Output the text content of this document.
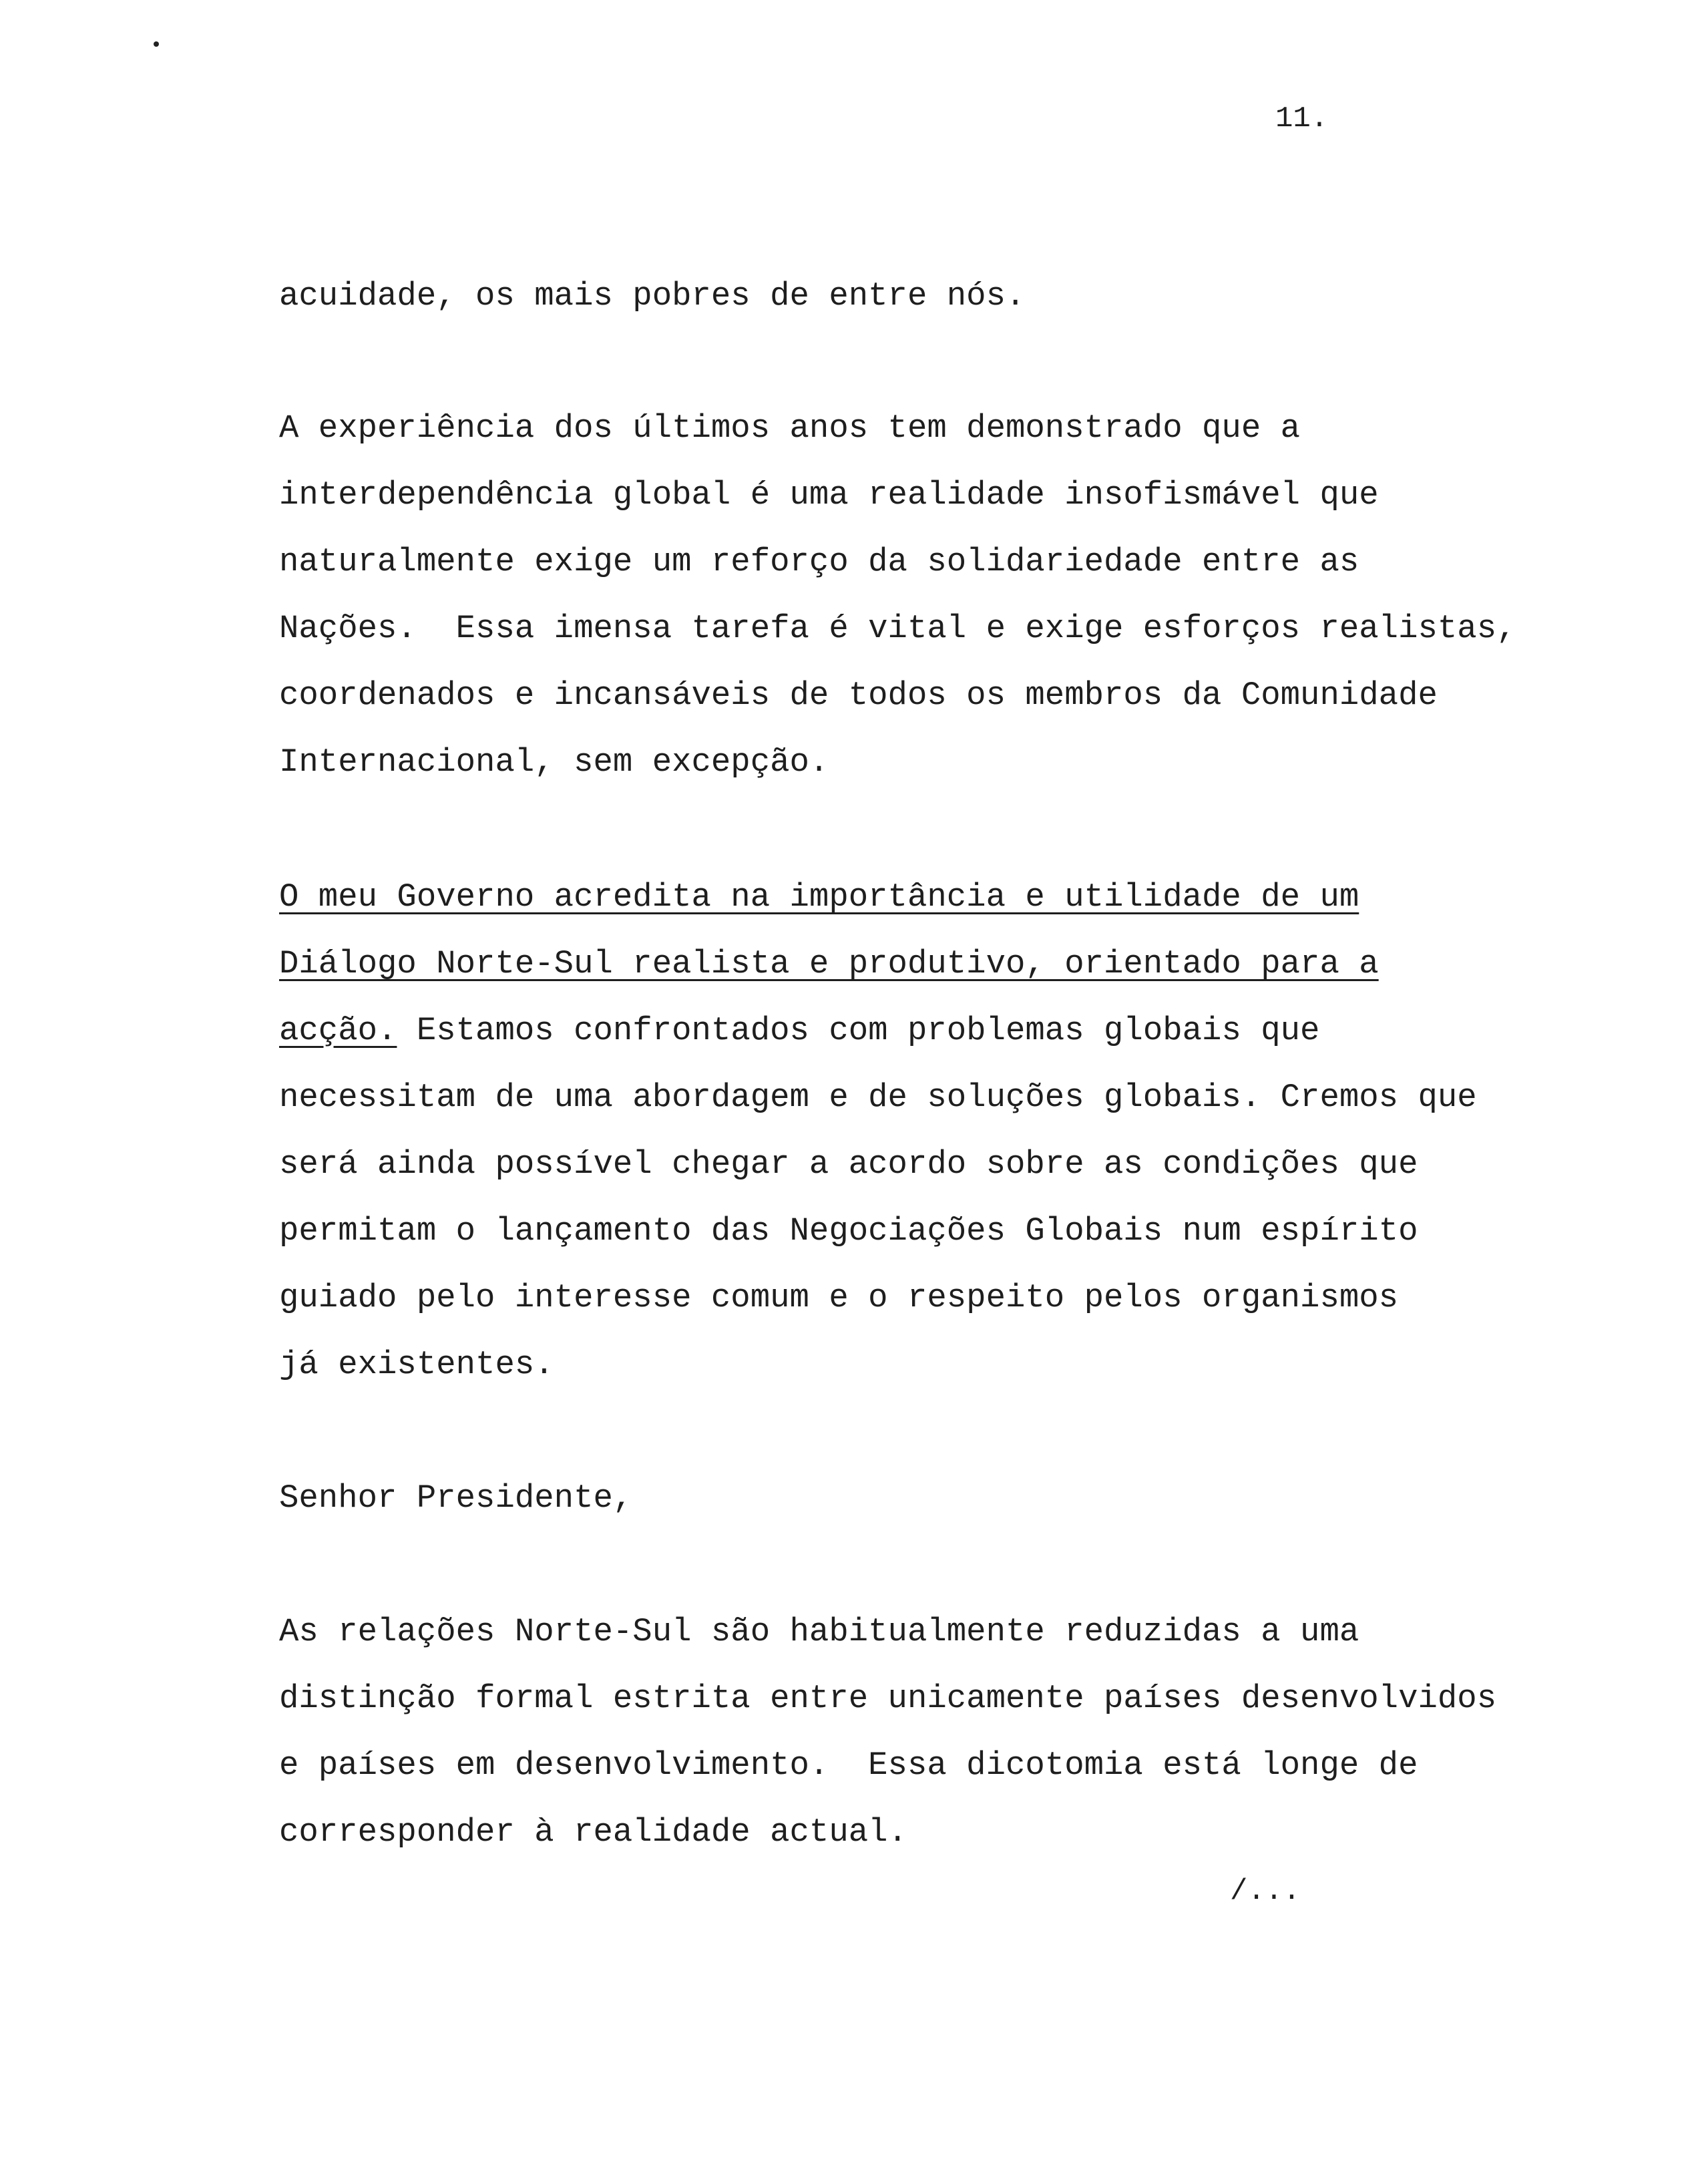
11.
acuidade, os mais pobres de entre nós.
A experiência dos últimos anos tem demonstrado que a
interdependência global é uma realidade insofismável que
naturalmente exige um reforço da solidariedade entre as
Nações.  Essa imensa tarefa é vital e exige esforços realistas,
coordenados e incansáveis de todos os membros da Comunidade
Internacional, sem excepção.
O meu Governo acredita na importância e utilidade de um
Diálogo Norte-Sul realista e produtivo, orientado para a
acção. Estamos confrontados com problemas globais que
necessitam de uma abordagem e de soluções globais. Cremos que
será ainda possível chegar a acordo sobre as condições que
permitam o lançamento das Negociações Globais num espírito
guiado pelo interesse comum e o respeito pelos organismos
já existentes.
Senhor Presidente,
As relações Norte-Sul são habitualmente reduzidas a uma
distinção formal estrita entre unicamente países desenvolvidos
e países em desenvolvimento.  Essa dicotomia está longe de
corresponder à realidade actual.
/...
